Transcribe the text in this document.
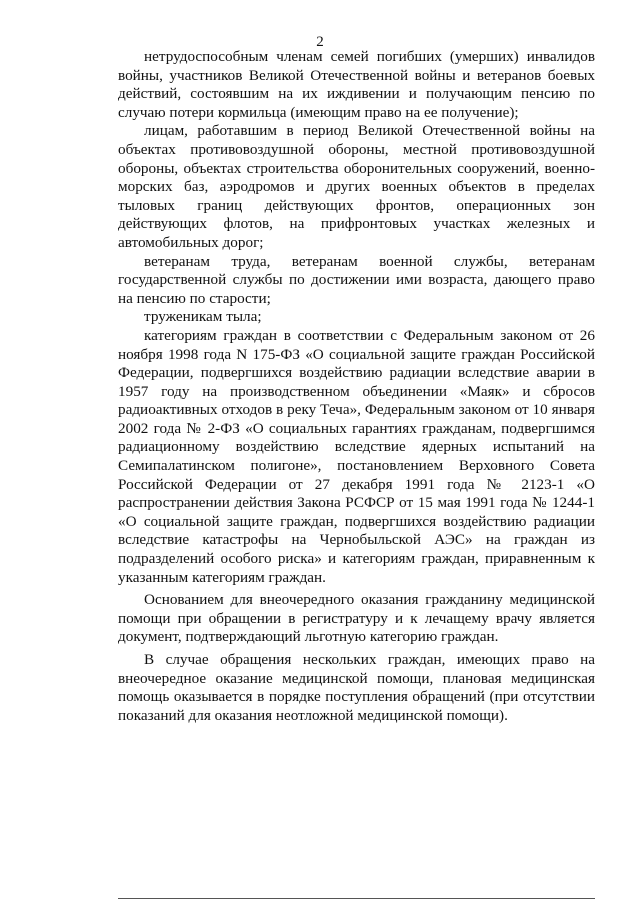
2

нетрудоспособным членам семей погибших (умерших) инвалидов войны, участников Великой Отечественной войны и ветеранов боевых действий, состоявшим на их иждивении и получающим пенсию по случаю потери кормильца (имеющим право на ее получение);

лицам, работавшим в период Великой Отечественной войны на объектах противовоздушной обороны, местной противовоздушной обороны, объектах строительства оборонительных сооружений, военно-морских баз, аэродромов и других военных объектов в пределах тыловых границ действующих фронтов, операционных зон действующих флотов, на прифронтовых участках железных и автомобильных дорог;

ветеранам труда, ветеранам военной службы, ветеранам государственной службы по достижении ими возраста, дающего право на пенсию по старости;

труженикам тыла;

категориям граждан в соответствии с Федеральным законом от 26 ноября 1998 года N 175-ФЗ «О социальной защите граждан Российской Федерации, подвергшихся воздействию радиации вследствие аварии в 1957 году на производственном объединении «Маяк» и сбросов радиоактивных отходов в реку Теча», Федеральным законом от 10 января 2002 года № 2-ФЗ «О социальных гарантиях гражданам, подвергшимся радиационному воздействию вследствие ядерных испытаний на Семипалатинском полигоне», постановлением Верховного Совета Российской Федерации от 27 декабря 1991 года № 2123-1 «О распространении действия Закона РСФСР от 15 мая 1991 года № 1244-1 «О социальной защите граждан, подвергшихся воздействию радиации вследствие катастрофы на Чернобыльской АЭС» на граждан из подразделений особого риска» и категориям граждан, приравненным к указанным категориям граждан.

Основанием для внеочередного оказания гражданину медицинской помощи при обращении в регистратуру и к лечащему врачу является документ, подтверждающий льготную категорию граждан.

В случае обращения нескольких граждан, имеющих право на внеочередное оказание медицинской помощи, плановая медицинская помощь оказывается в порядке поступления обращений (при отсутствии показаний для оказания неотложной медицинской помощи).
